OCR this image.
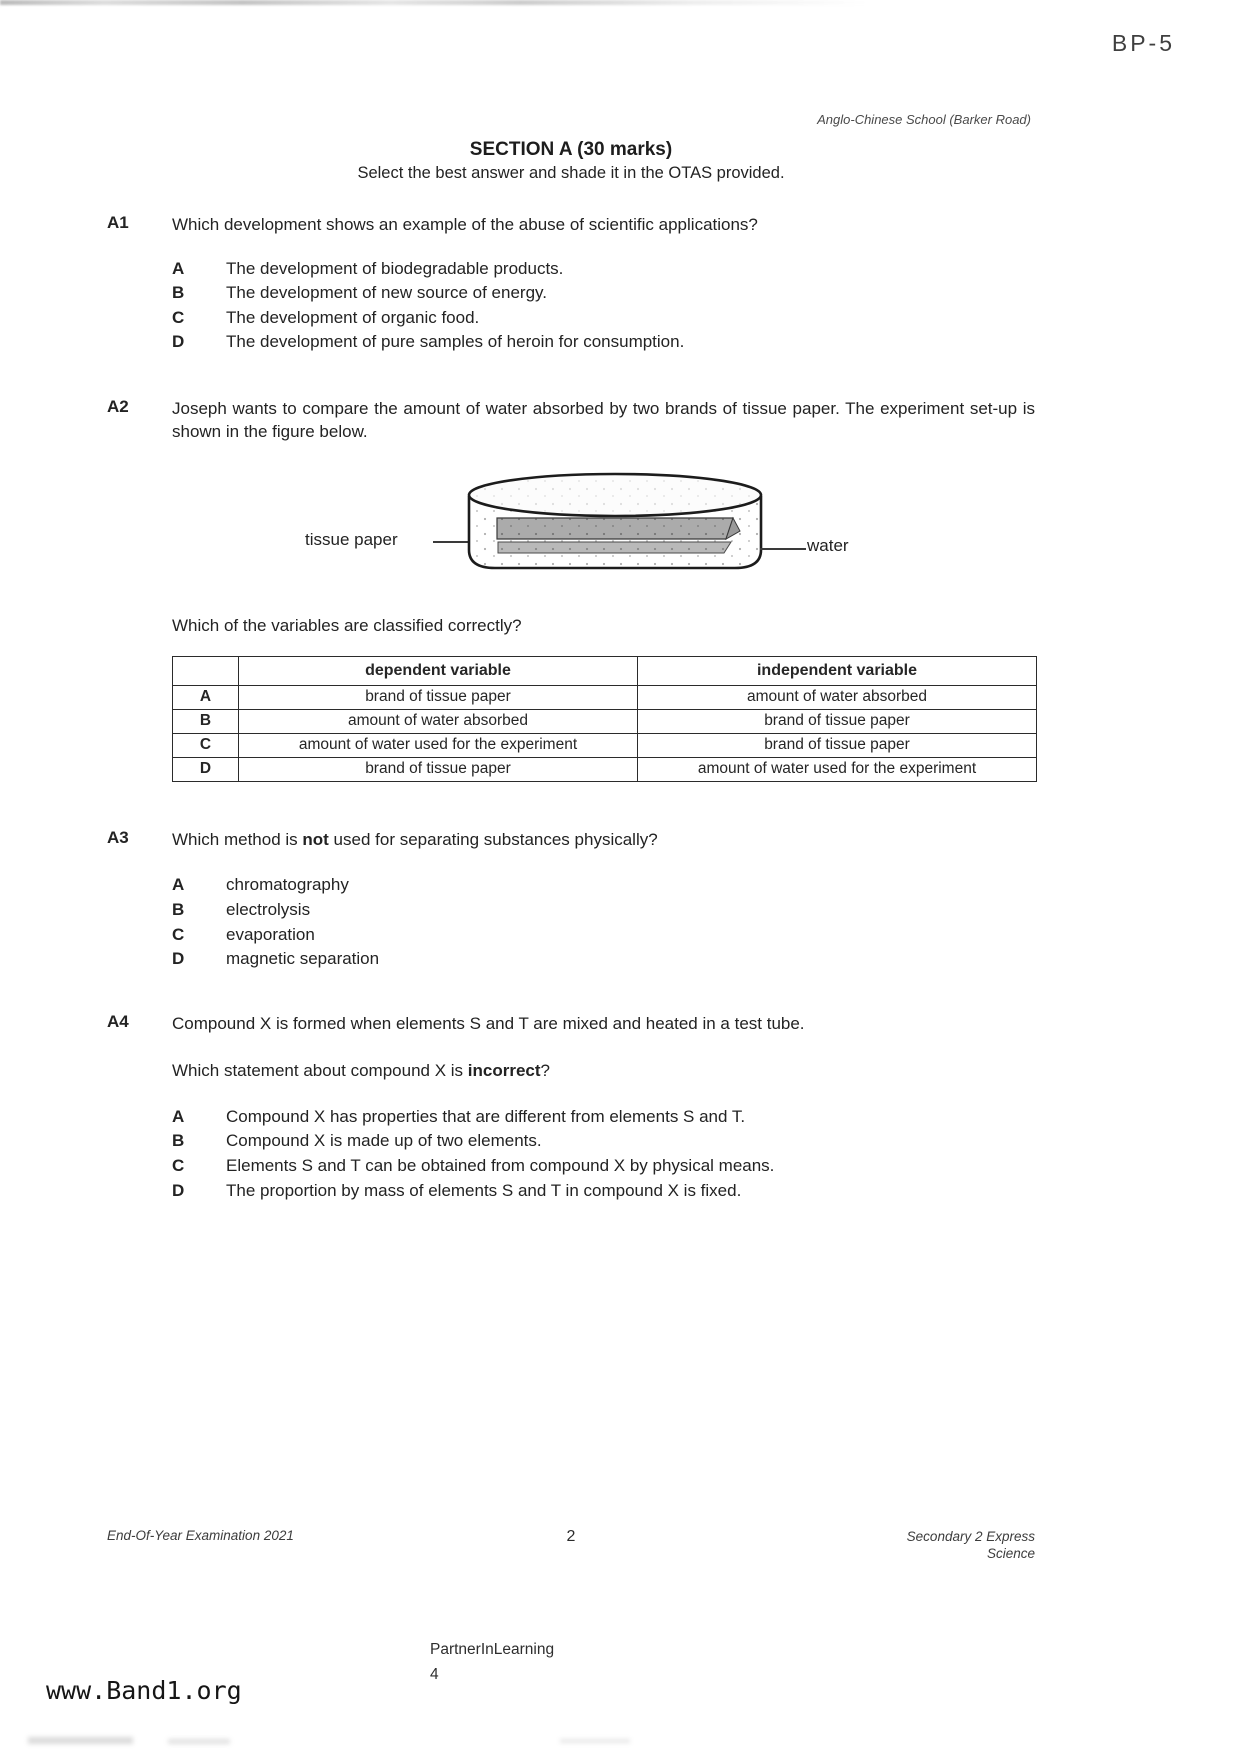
BP-5
Anglo-Chinese School (Barker Road)
SECTION A (30 marks)
Select the best answer and shade it in the OTAS provided.
A1	Which development shows an example of the abuse of scientific applications?

A	The development of biodegradable products.
B	The development of new source of energy.
C	The development of organic food.
D	The development of pure samples of heroin for consumption.
A2	Joseph wants to compare the amount of water absorbed by two brands of tissue paper. The experiment set-up is shown in the figure below.

tissue paper	water
Which of the variables are classified correctly?
	dependent variable	independent variable
A	brand of tissue paper	amount of water absorbed
B	amount of water absorbed	brand of tissue paper
C	amount of water used for the experiment	brand of tissue paper
D	brand of tissue paper	amount of water used for the experiment
A3	Which method is not used for separating substances physically?

A	chromatography
B	electrolysis
C	evaporation
D	magnetic separation
A4	Compound X is formed when elements S and T are mixed and heated in a test tube.

Which statement about compound X is incorrect?

A	Compound X has properties that are different from elements S and T.
B	Compound X is made up of two elements.
C	Elements S and T can be obtained from compound X by physical means.
D	The proportion by mass of elements S and T in compound X is fixed.
End-Of-Year Examination 2021	2	Secondary 2 Express
Science
PartnerInLearning
4
www.Band1.org
